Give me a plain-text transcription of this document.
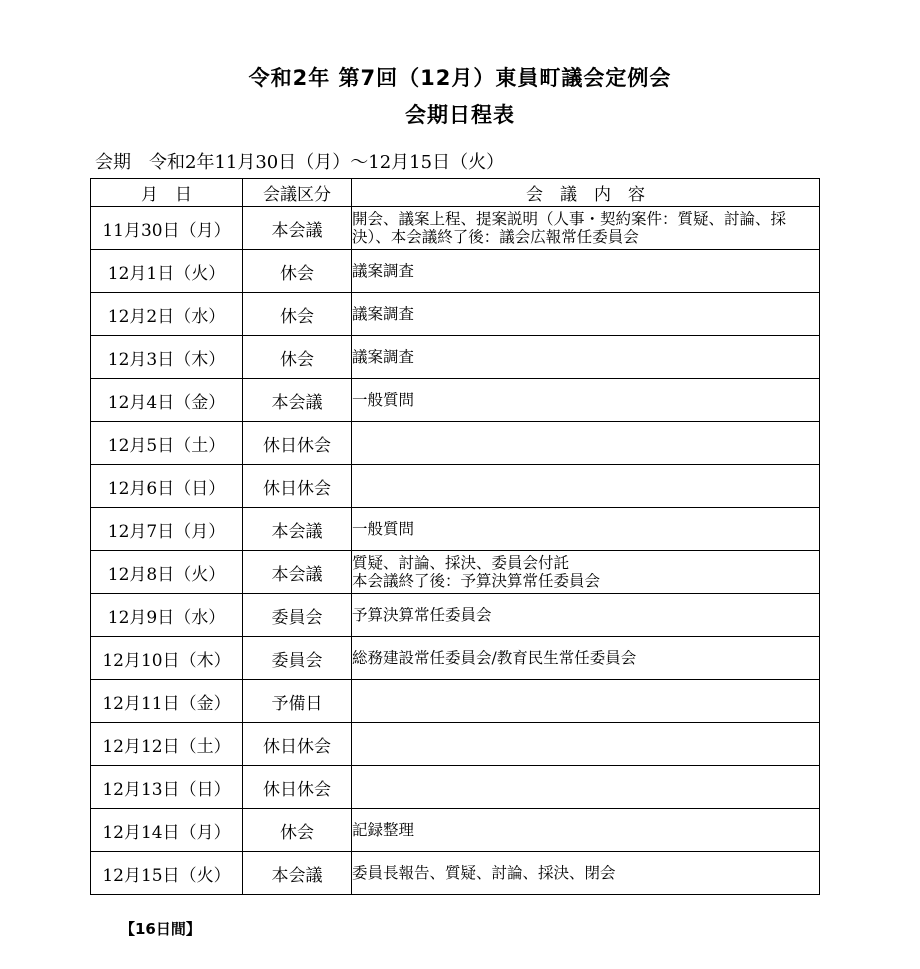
令和2年 第7回（12月）東員町議会定例会
会期日程表
会期 令和2年11月30日（月）～12月15日（火）
月　日	会議区分	会　議　内　容
11月30日（月）	本会議	開会、議案上程、提案説明（人事・契約案件：質疑、討論、採決）、本会議終了後：議会広報常任委員会
12月1日（火）	休会	議案調査
12月2日（水）	休会	議案調査
12月3日（木）	休会	議案調査
12月4日（金）	本会議	一般質問
12月5日（土）	休日休会	
12月6日（日）	休日休会	
12月7日（月）	本会議	一般質問
12月8日（火）	本会議	質疑、討論、採決、委員会付託
本会議終了後：予算決算常任委員会
12月9日（水）	委員会	予算決算常任委員会
12月10日（木）	委員会	総務建設常任委員会/教育民生常任委員会
12月11日（金）	予備日	
12月12日（土）	休日休会	
12月13日（日）	休日休会	
12月14日（月）	休会	記録整理
12月15日（火）	本会議	委員長報告、質疑、討論、採決、閉会
【16日間】
